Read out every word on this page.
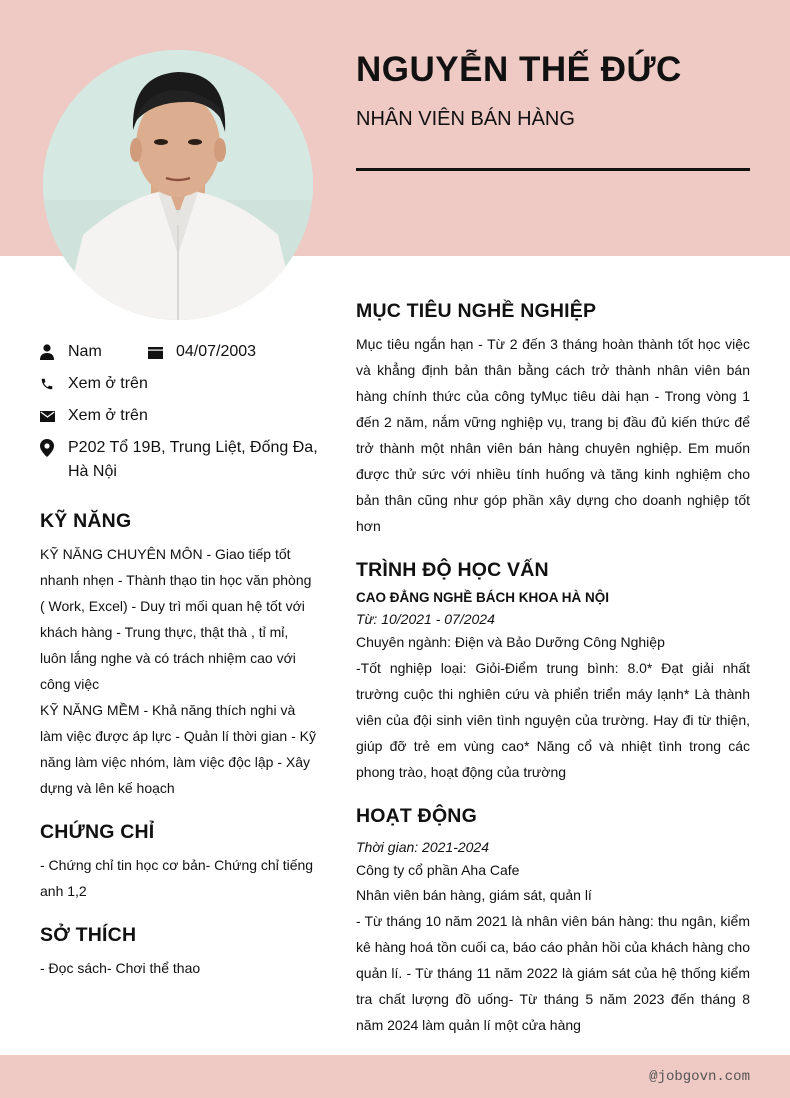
NGUYỄN THẾ ĐỨC
NHÂN VIÊN BÁN HÀNG
Nam	04/07/2003
Xem ở trên
Xem ở trên
P202 Tổ 19B, Trung Liệt, Đống Đa, Hà Nội
KỸ NĂNG
KỸ NĂNG CHUYÊN MÔN - Giao tiếp tốt nhanh nhẹn - Thành thạo tin học văn phòng ( Work, Excel) - Duy trì mối quan hệ tốt với khách hàng - Trung thực, thật thà , tỉ mỉ, luôn lắng nghe và có trách nhiệm cao với công việc
KỸ NĂNG MỀM - Khả năng thích nghi và làm việc được áp lực - Quản lí thời gian - Kỹ năng làm việc nhóm, làm việc độc lập - Xây dựng và lên kế hoạch
CHỨNG CHỈ
- Chứng chỉ tin học cơ bản- Chứng chỉ tiếng anh 1,2
SỞ THÍCH
- Đọc sách- Chơi thể thao
MỤC TIÊU NGHỀ NGHIỆP
Mục tiêu ngắn hạn - Từ 2 đến 3 tháng hoàn thành tốt học việc và khẳng định bản thân bằng cách trở thành nhân viên bán hàng chính thức của công tyMục tiêu dài hạn - Trong vòng 1 đến 2 năm, nắm vững nghiệp vụ, trang bị đầu đủ kiến thức để trở thành một nhân viên bán hàng chuyên nghiệp. Em muốn được thử sức với nhiều tính huống và tăng kinh nghiệm cho bản thân cũng như góp phần xây dựng cho doanh nghiệp tốt hơn
TRÌNH ĐỘ HỌC VẤN
CAO ĐẲNG NGHỀ BÁCH KHOA HÀ NỘI
Từ: 10/2021 - 07/2024
Chuyên ngành: Điện và Bảo Dưỡng Công Nghiệp
-Tốt nghiệp loại: Giỏi-Điểm trung bình: 8.0* Đạt giải nhất trường cuộc thi nghiên cứu và phiển triển máy lạnh* Là thành viên của đội sinh viên tình nguyện của trường. Hay đi từ thiện, giúp đỡ trẻ em vùng cao* Năng cổ và nhiệt tình trong các phong trào, hoạt động của trường
HOẠT ĐỘNG
Thời gian: 2021-2024
Công ty cổ phần Aha Cafe
Nhân viên bán hàng, giám sát, quản lí
- Từ tháng 10 năm 2021 là nhân viên bán hàng: thu ngân, kiểm kê hàng hoá tồn cuối ca, báo cáo phản hồi của khách hàng cho quản lí. - Từ tháng 11 năm 2022 là giám sát của hệ thống kiểm tra chất lượng đồ uống- Từ tháng 5 năm 2023 đến tháng 8 năm 2024 làm quản lí một cửa hàng
@jobgovn.com
